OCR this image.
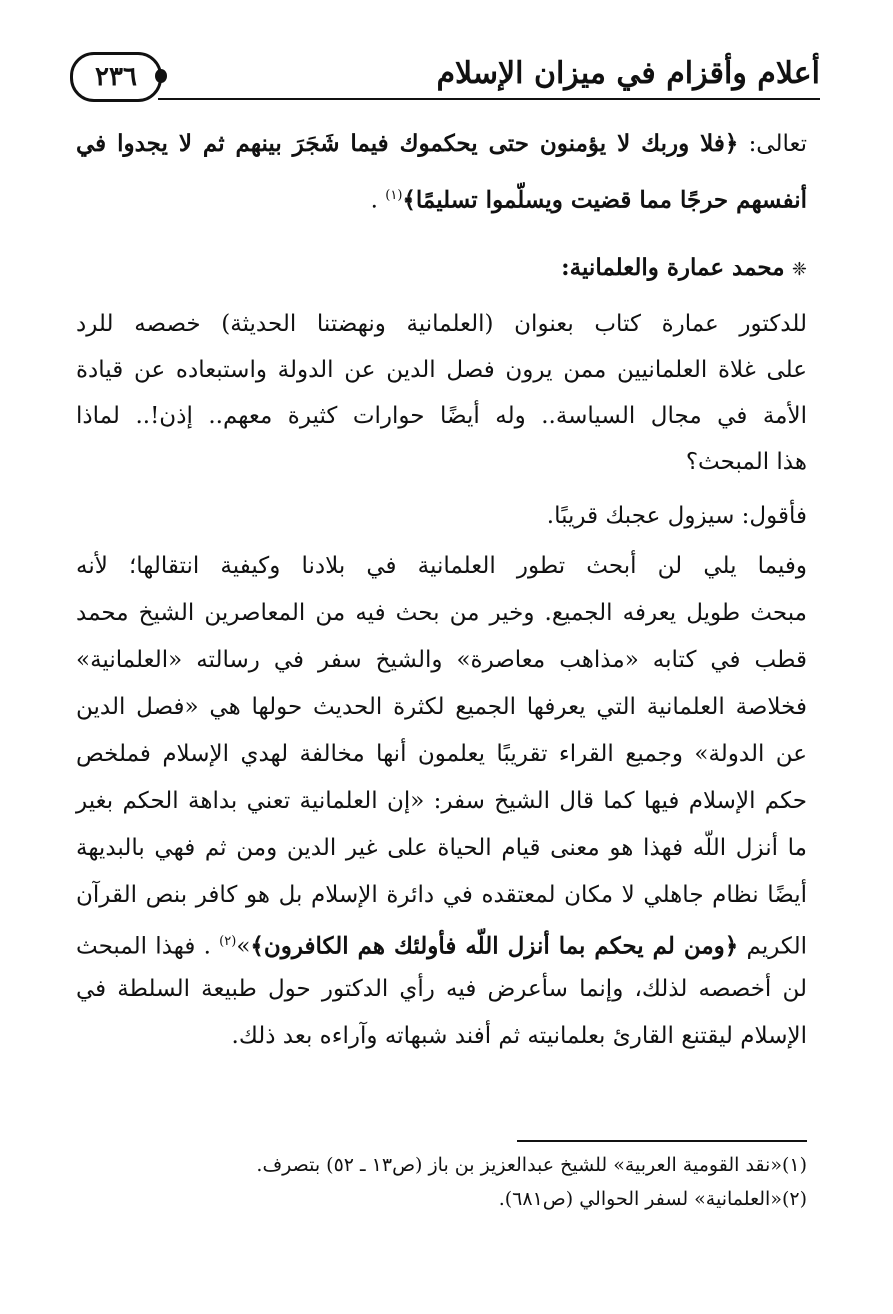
٢٣٦	أعلام وأقزام في ميزان الإسلام
تعالى: ﴿فلا وربك لا يؤمنون حتى يحكموك فيما شَجَرَ بينهم ثم لا يجدوا في
أنفسهم حرجًا مما قضيت ويسلّموا تسليمًا﴾$^{(١)}$ .
❈ محمد عمارة والعلمانية:
للدكتور عمارة كتاب بعنوان (العلمانية ونهضتنا الحديثة) خصصه للرد
على غلاة العلمانيين ممن يرون فصل الدين عن الدولة واستبعاده عن قيادة
الأمة في مجال السياسة.. وله أيضًا حوارات كثيرة معهم.. إذن!.. لماذا
هذا المبحث؟
فأقول: سيزول عجبك قريبًا.
وفيما يلي لن أبحث تطور العلمانية في بلادنا وكيفية انتقالها؛ لأنه
مبحث طويل يعرفه الجميع. وخير من بحث فيه من المعاصرين الشيخ محمد
قطب في كتابه «مذاهب معاصرة» والشيخ سفر في رسالته «العلمانية»
فخلاصة العلمانية التي يعرفها الجميع لكثرة الحديث حولها هي «فصل الدين
عن الدولة» وجميع القراء تقريبًا يعلمون أنها مخالفة لهدي الإسلام فملخص
حكم الإسلام فيها كما قال الشيخ سفر: «إن العلمانية تعني بداهة الحكم بغير
ما أنزل اللّه فهذا هو معنى قيام الحياة على غير الدين ومن ثم فهي بالبديهة
أيضًا نظام جاهلي لا مكان لمعتقده في دائرة الإسلام بل هو كافر بنص القرآن
الكريم ﴿ومن لم يحكم بما أنزل اللّه فأولئك هم الكافرون﴾»$^{(٢)}$ . فهذا المبحث
لن أخصصه لذلك، وإنما سأعرض فيه رأي الدكتور حول طبيعة السلطة في
الإسلام ليقتنع القارئ بعلمانيته ثم أفند شبهاته وآراءه بعد ذلك.
(١)«نقد القومية العربية» للشيخ عبدالعزيز بن باز (ص١٣ ـ ٥٢) بتصرف.
(٢)«العلمانية» لسفر الحوالي (ص٦٨١).
